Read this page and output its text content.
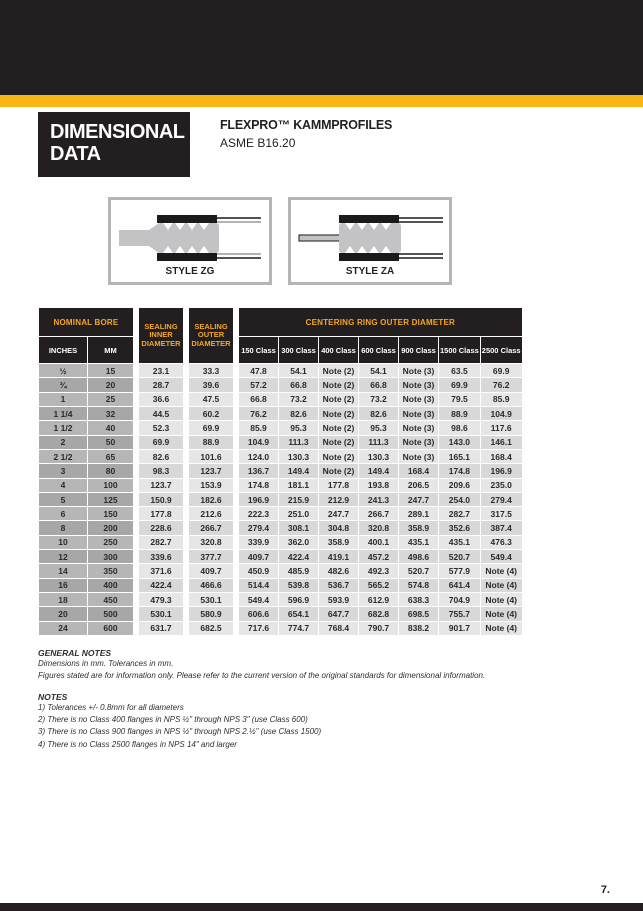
DIMENSIONAL
DATA
FLEXPRO™ KAMMPROFILES
ASME B16.20
STYLE ZG	STYLE ZA
NOMINAL BORE			SEALING INNER DIAMETER		SEALING OUTER DIAMETER		CENTERING RING OUTER DIAMETER						
INCHES	MM						150 Class	300 Class	400 Class	600 Class	900 Class	1500 Class	2500 Class
½	15		23.1		33.3		47.8	54.1	Note (2)	54.1	Note (3)	63.5	69.9
¾	20		28.7		39.6		57.2	66.8	Note (2)	66.8	Note (3)	69.9	76.2
1	25		36.6		47.5		66.8	73.2	Note (2)	73.2	Note (3)	79.5	85.9
1 1/4	32		44.5		60.2		76.2	82.6	Note (2)	82.6	Note (3)	88.9	104.9
1 1/2	40		52.3		69.9		85.9	95.3	Note (2)	95.3	Note (3)	98.6	117.6
2	50		69.9		88.9		104.9	111.3	Note (2)	111.3	Note (3)	143.0	146.1
2 1/2	65		82.6		101.6		124.0	130.3	Note (2)	130.3	Note (3)	165.1	168.4
3	80		98.3		123.7		136.7	149.4	Note (2)	149.4	168.4	174.8	196.9
4	100		123.7		153.9		174.8	181.1	177.8	193.8	206.5	209.6	235.0
5	125		150.9		182.6		196.9	215.9	212.9	241.3	247.7	254.0	279.4
6	150		177.8		212.6		222.3	251.0	247.7	266.7	289.1	282.7	317.5
8	200		228.6		266.7		279.4	308.1	304.8	320.8	358.9	352.6	387.4
10	250		282.7		320.8		339.9	362.0	358.9	400.1	435.1	435.1	476.3
12	300		339.6		377.7		409.7	422.4	419.1	457.2	498.6	520.7	549.4
14	350		371.6		409.7		450.9	485.9	482.6	492.3	520.7	577.9	Note (4)
16	400		422.4		466.6		514.4	539.8	536.7	565.2	574.8	641.4	Note (4)
18	450		479.3		530.1		549.4	596.9	593.9	612.9	638.3	704.9	Note (4)
20	500		530.1		580.9		606.6	654.1	647.7	682.8	698.5	755.7	Note (4)
24	600		631.7		682.5		717.6	774.7	768.4	790.7	838.2	901.7	Note (4)
GENERAL NOTES
Dimensions in mm. Tolerances in mm.
Figures stated are for information only. Please refer to the current version of the original standards for dimensional information.
NOTES
1) Tolerances +/- 0.8mm for all diameters
2) There is no Class 400 flanges in NPS ½" through NPS 3" (use Class 600)
3) There is no Class 900 flanges in NPS ½" through NPS 2.½" (use Class 1500)
4) There is no Class 2500 flanges in NPS 14" and larger
7.
